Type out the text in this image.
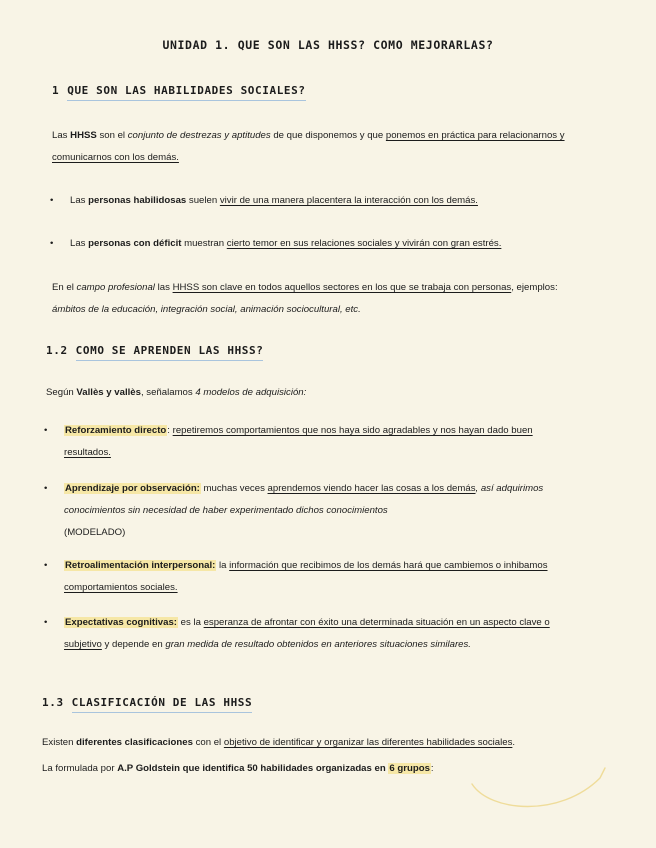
UNIDAD 1. QUE SON LAS HHSS? COMO MEJORARLAS?
1 QUE SON LAS HABILIDADES SOCIALES?
Las HHSS son el conjunto de destrezas y aptitudes de que disponemos y que ponemos en práctica para relacionarnos y comunicarnos con los demás.
•	Las personas habilidosas suelen vivir de una manera placentera la interacción con los demás.
•	Las personas con déficit muestran cierto temor en sus relaciones sociales y vivirán con gran estrés.
En el campo profesional las HHSS son clave en todos aquellos sectores en los que se trabaja con personas, ejemplos: ámbitos de la educación, integración social, animación sociocultural, etc.
1.2 COMO SE APRENDEN LAS HHSS?
Según Vallès y vallès, señalamos 4 modelos de adquisición:
•	Reforzamiento directo: repetiremos comportamientos que nos haya sido agradables y nos hayan dado buen resultados.
•	Aprendizaje por observación: muchas veces aprendemos viendo hacer las cosas a los demás, así adquirimos conocimientos sin necesidad de haber experimentado dichos conocimientos
(MODELADO)
•	Retroalimentación interpersonal: la información que recibimos de los demás hará que cambiemos o inhibamos comportamientos sociales.
•	Expectativas cognitivas: es la esperanza de afrontar con éxito una determinada situación en un aspecto clave o subjetivo y depende en gran medida de resultado obtenidos en anteriores situaciones similares.
1.3 CLASIFICACIÓN DE LAS HHSS
Existen diferentes clasificaciones con el objetivo de identificar y organizar las diferentes habilidades sociales.
La formulada por A.P Goldstein que identifica 50 habilidades organizadas en 6 grupos:
